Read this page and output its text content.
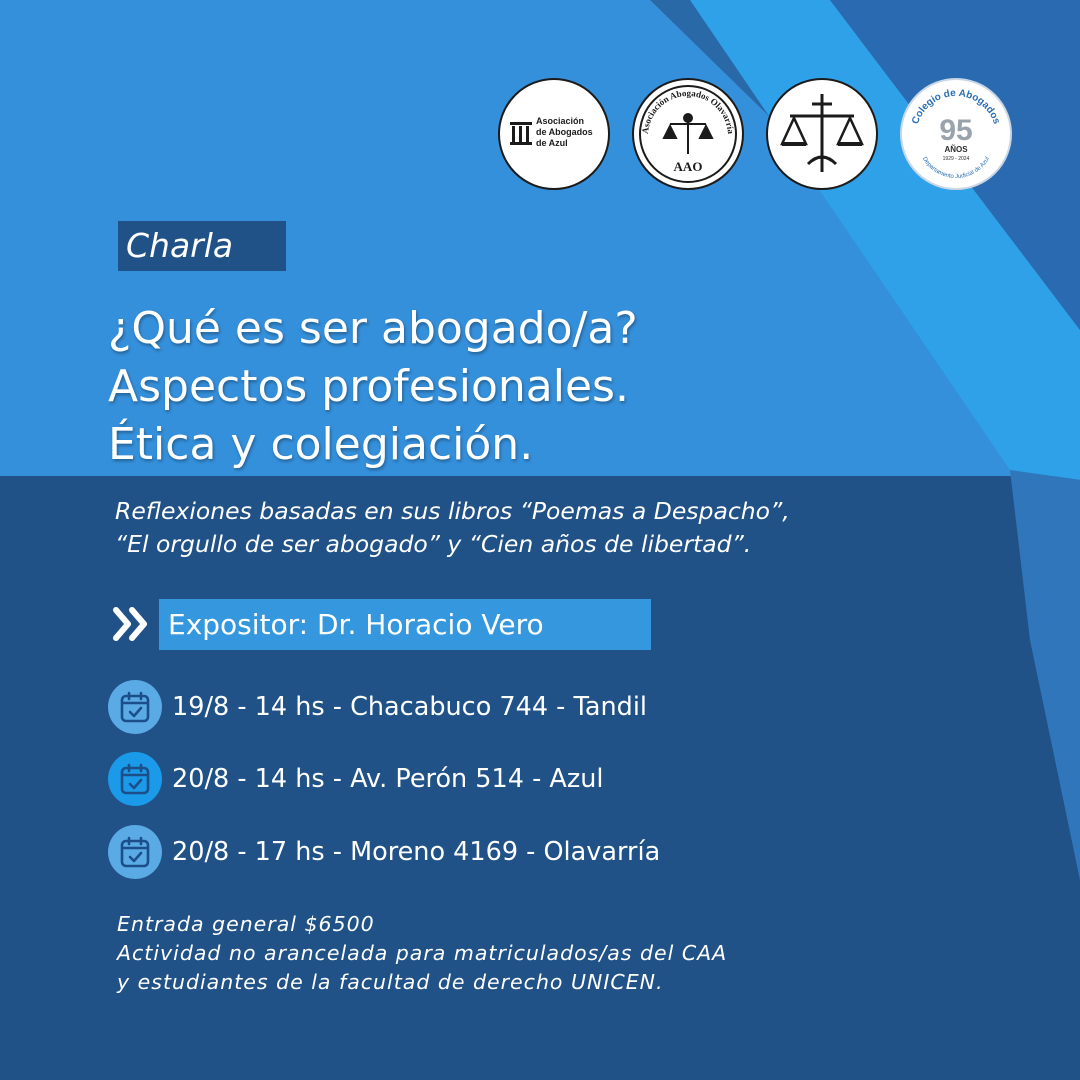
Asociación
de Abogados
de Azul
Asociación Abogados Olavarría
AAO
Colegio de Abogados
95
AÑOS
1929 - 2024
Departamento Judicial de Azul
Charla
¿Qué es ser abogado/a?
Aspectos profesionales.
Ética y colegiación.
Reflexiones basadas en sus libros “Poemas a Despacho”,
“El orgullo de ser abogado” y “Cien años de libertad”.
Expositor: Dr. Horacio Vero
19/8 - 14 hs - Chacabuco 744 - Tandil
20/8 - 14 hs - Av. Perón 514 - Azul
20/8 - 17 hs - Moreno 4169 - Olavarría
Entrada general $6500
Actividad no arancelada para matriculados/as del CAA
y estudiantes de la facultad de derecho UNICEN.
